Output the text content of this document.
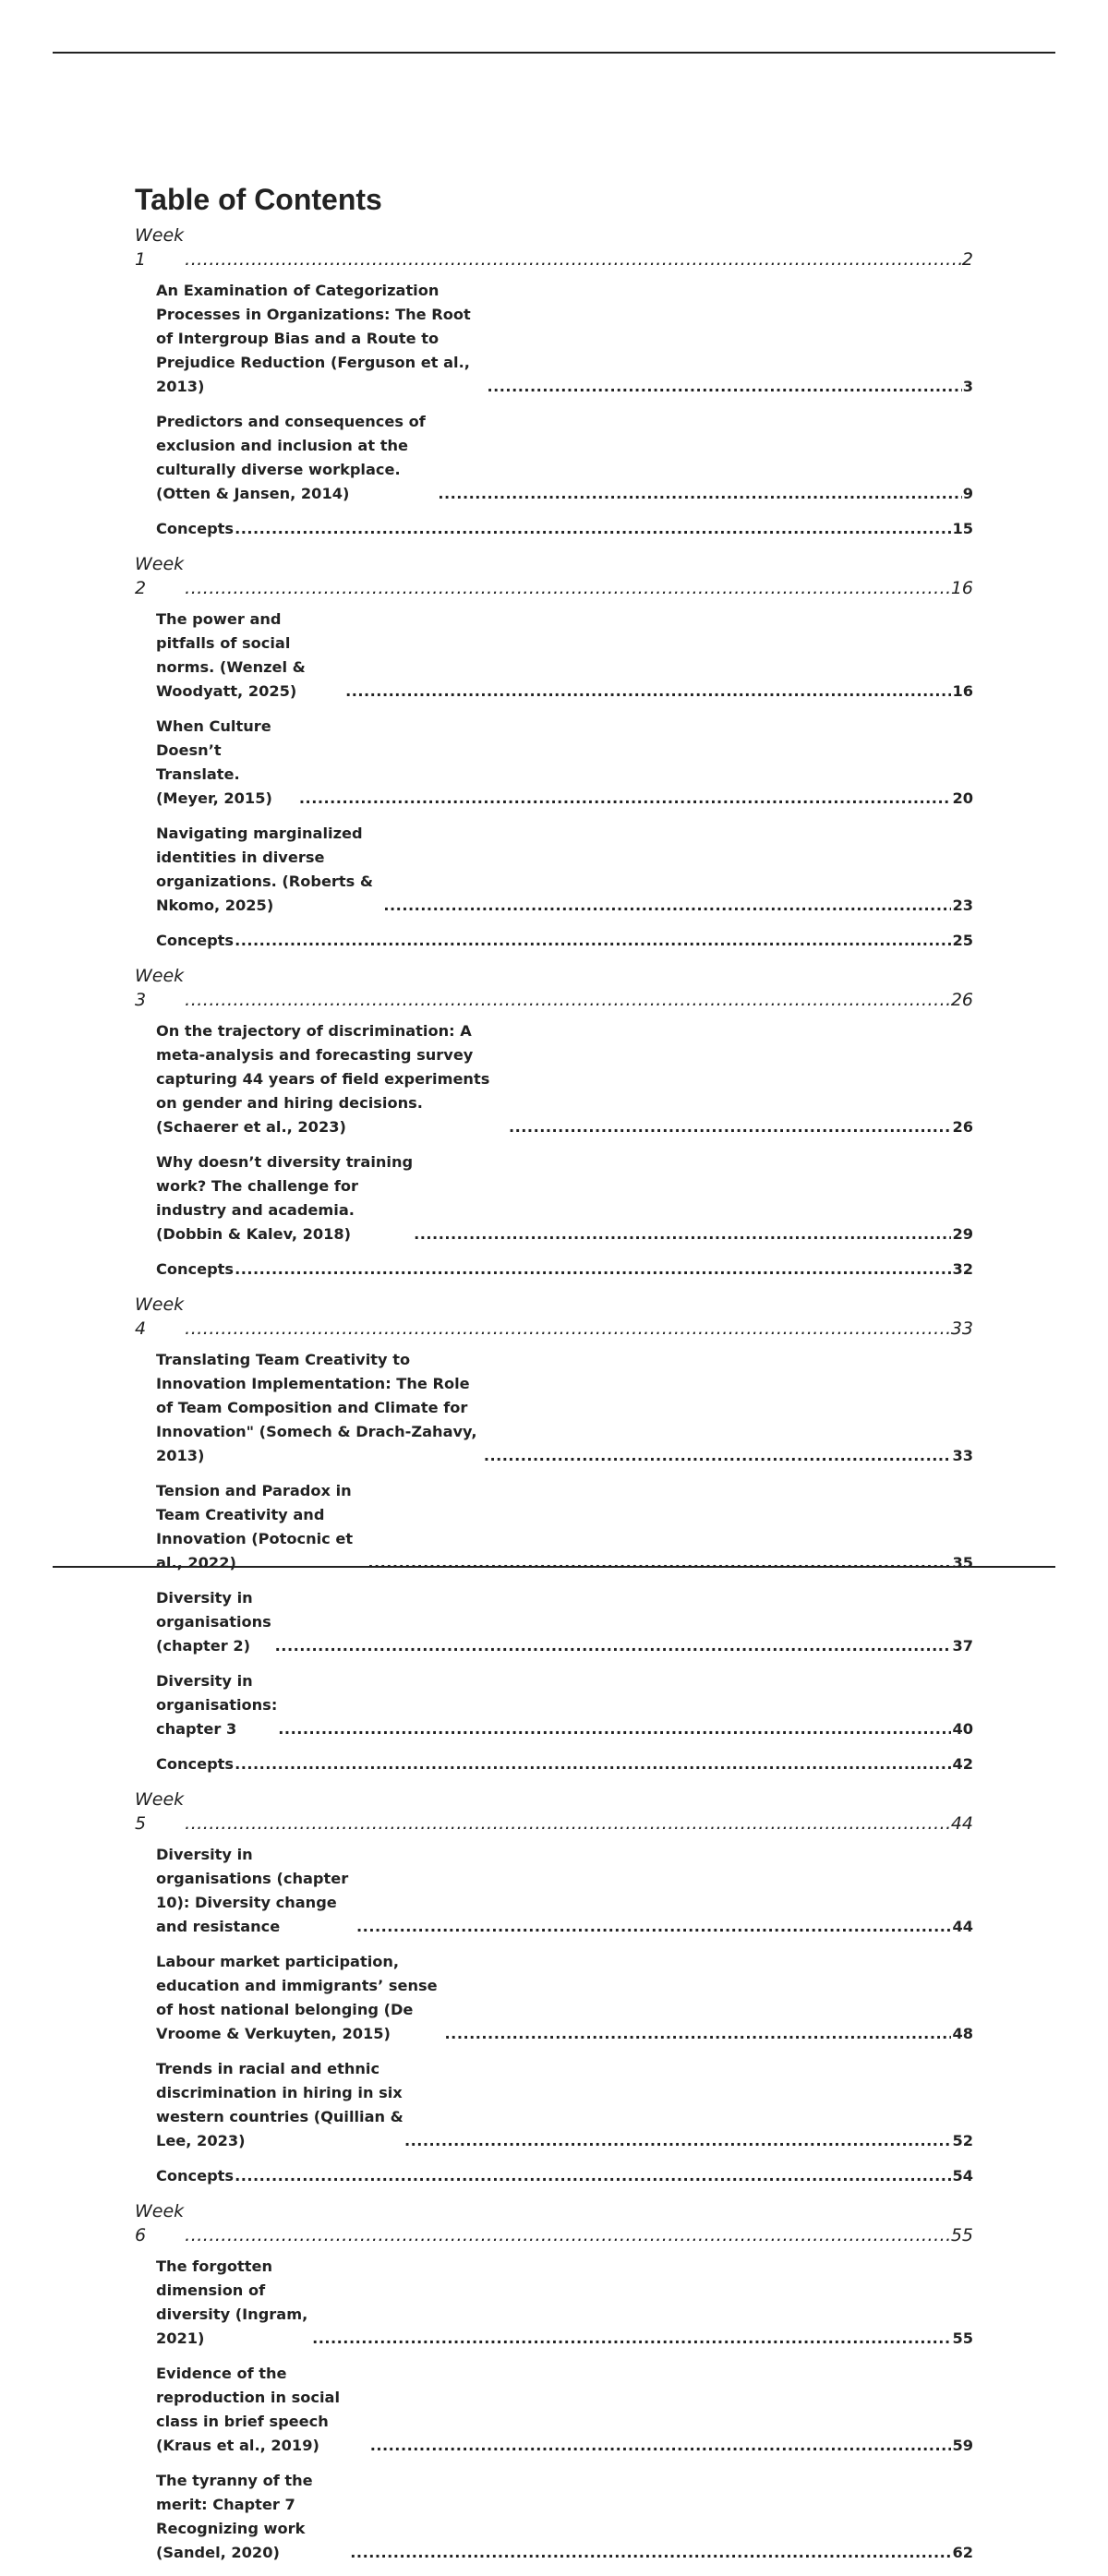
Table of Contents
Week 1 .....	2
An Examination of Categorization Processes in Organizations: The Root of Intergroup Bias and a Route to Prejudice Reduction (Ferguson et al., 2013) .....	3
Predictors and consequences of exclusion and inclusion at the culturally diverse workplace. (Otten & Jansen, 2014) .....	9
Concepts .....	15
Week 2 .....	16
The power and pitfalls of social norms. (Wenzel & Woodyatt, 2025) .....	16
When Culture Doesn’t Translate. (Meyer, 2015) .....	20
Navigating marginalized identities in diverse organizations. (Roberts & Nkomo, 2025) .....	23
Concepts .....	25
Week 3 .....	26
On the trajectory of discrimination: A meta-analysis and forecasting survey capturing 44 years of field experiments on gender and hiring decisions. (Schaerer et al., 2023) .....	26
Why doesn’t diversity training work? The challenge for industry and academia. (Dobbin & Kalev, 2018) .....	29
Concepts .....	32
Week 4 .....	33
Translating Team Creativity to Innovation Implementation: The Role of Team Composition and Climate for Innovation" (Somech & Drach-Zahavy, 2013) .....	33
Tension and Paradox in Team Creativity and Innovation (Potocnic et al., 2022) .....	35
Diversity in organisations (chapter 2) .....	37
Diversity in organisations: chapter 3 .....	40
Concepts .....	42
Week 5 .....	44
Diversity in organisations (chapter 10): Diversity change and resistance .....	44
Labour market participation, education and immigrants’ sense of host national belonging (De Vroome & Verkuyten, 2015) .....	48
Trends in racial and ethnic discrimination in hiring in six western countries (Quillian & Lee, 2023) .....	52
Concepts .....	54
Week 6 .....	55
The forgotten dimension of diversity (Ingram, 2021) .....	55
Evidence of the reproduction in social class in brief speech (Kraus et al., 2019) .....	59
The tyranny of the merit: Chapter 7 Recognizing work (Sandel, 2020) .....	62
